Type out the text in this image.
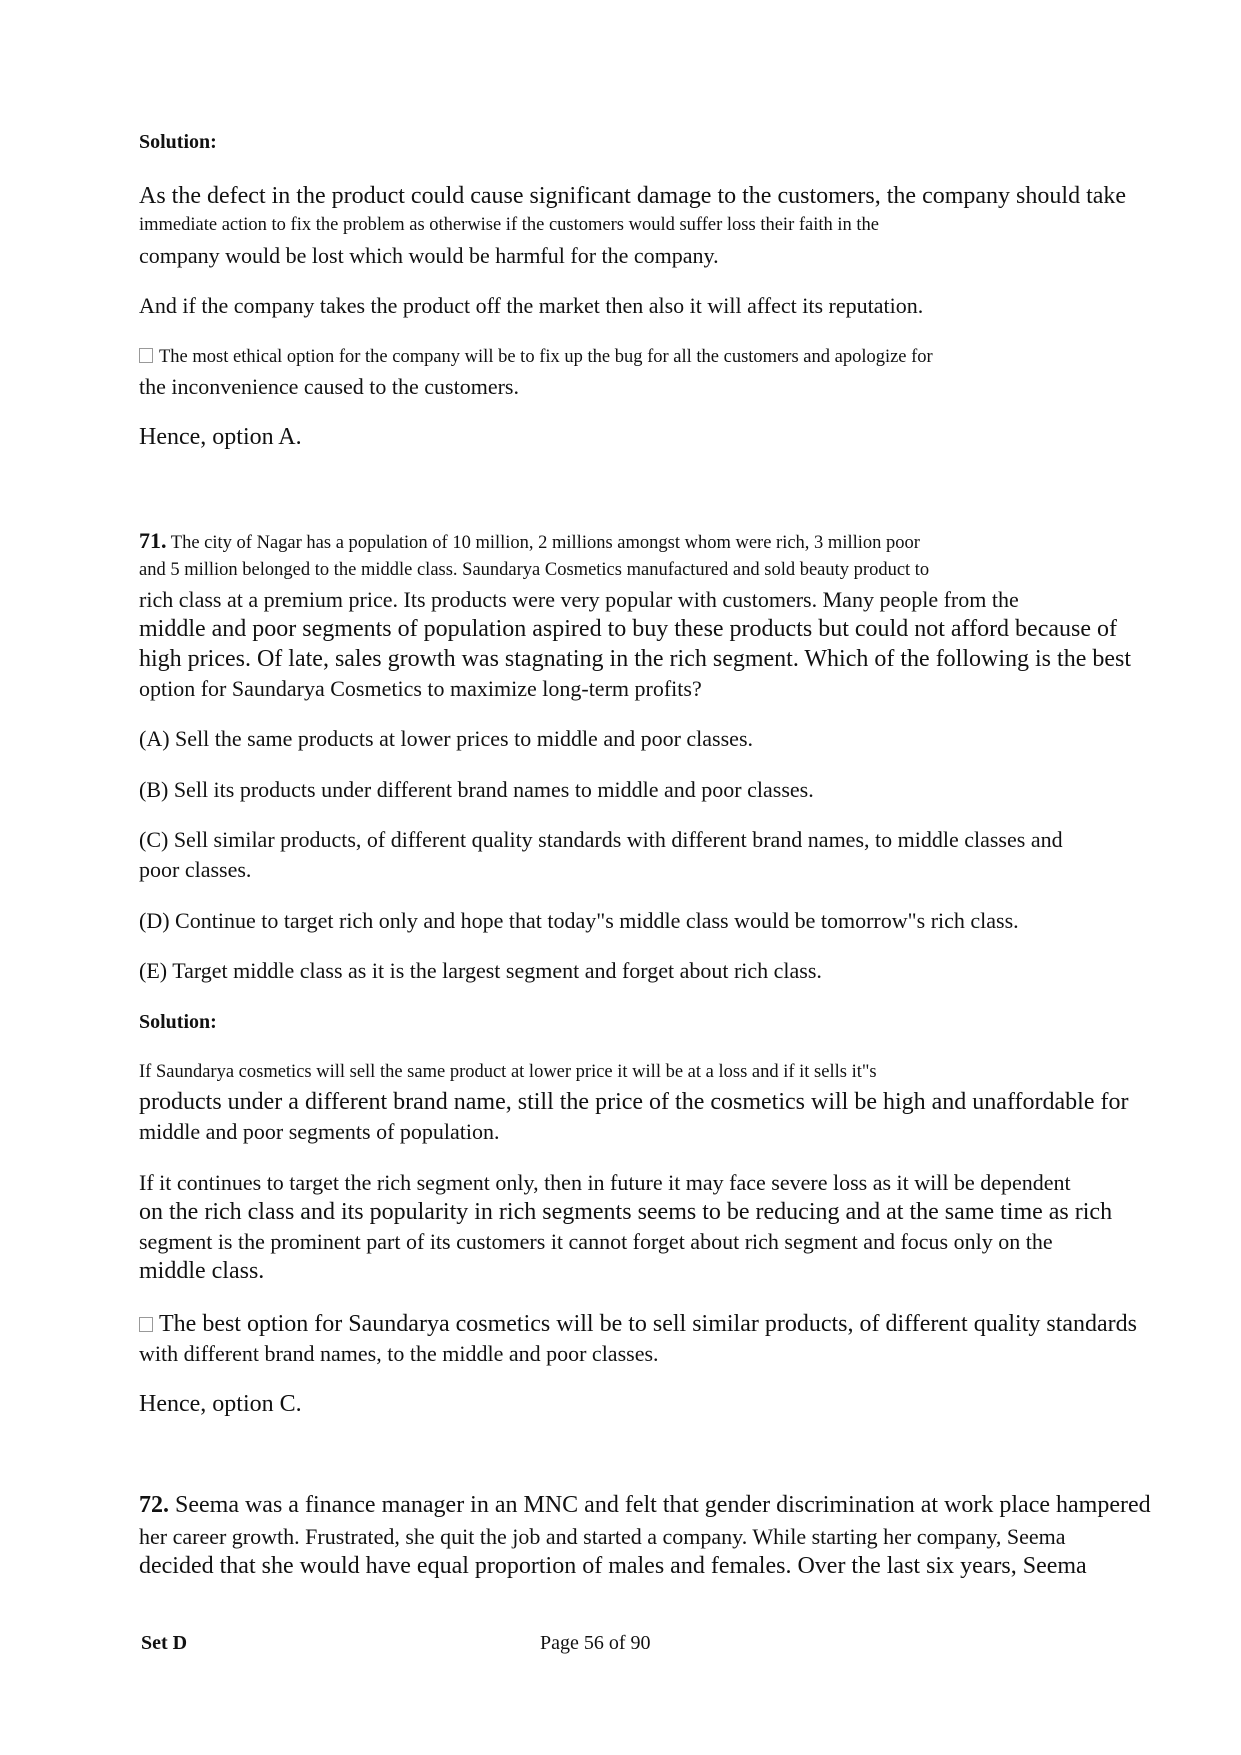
Solution:
As the defect in the product could cause significant damage to the customers, the company should take
immediate action to fix the problem as otherwise if the customers would suffer loss their faith in the
company would be lost which would be harmful for the company.
And if the company takes the product off the market then also it will affect its reputation.
The most ethical option for the company will be to fix up the bug for all the customers and apologize for
the inconvenience caused to the customers.
Hence, option A.
71. The city of Nagar has a population of 10 million, 2 millions amongst whom were rich, 3 million poor
and 5 million belonged to the middle class. Saundarya Cosmetics manufactured and sold beauty product to
rich class at a premium price. Its products were very popular with customers. Many people from the
middle and poor segments of population aspired to buy these products but could not afford because of
high prices. Of late, sales growth was stagnating in the rich segment. Which of the following is the best
option for Saundarya Cosmetics to maximize long-term profits?
(A) Sell the same products at lower prices to middle and poor classes.
(B) Sell its products under different brand names to middle and poor classes.
(C) Sell similar products, of different quality standards with different brand names, to middle classes and
poor classes.
(D) Continue to target rich only and hope that today"s middle class would be tomorrow"s rich class.
(E) Target middle class as it is the largest segment and forget about rich class.
Solution:
If Saundarya cosmetics will sell the same product at lower price it will be at a loss and if it sells it"s
products under a different brand name, still the price of the cosmetics will be high and unaffordable for
middle and poor segments of population.
If it continues to target the rich segment only, then in future it may face severe loss as it will be dependent
on the rich class and its popularity in rich segments seems to be reducing and at the same time as rich
segment is the prominent part of its customers it cannot forget about rich segment and focus only on the
middle class.
The best option for Saundarya cosmetics will be to sell similar products, of different quality standards
with different brand names, to the middle and poor classes.
Hence, option C.
72. Seema was a finance manager in an MNC and felt that gender discrimination at work place hampered
her career growth. Frustrated, she quit the job and started a company. While starting her company, Seema
decided that she would have equal proportion of males and females. Over the last six years, Seema
Set D	Page 56 of 90
